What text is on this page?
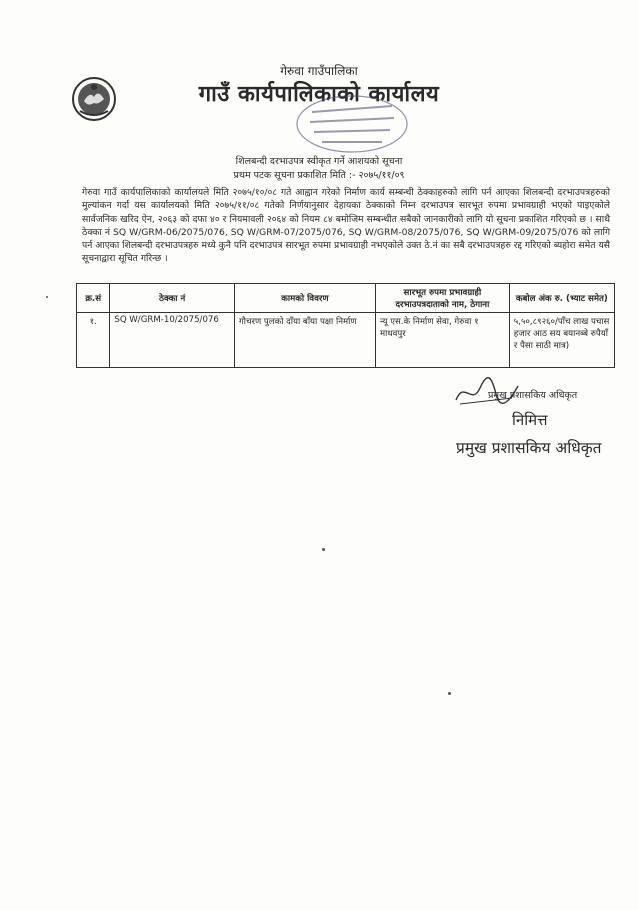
गेरुवा गाउँपालिका
गाउँ कार्यपालिकाको कार्यालय
शिलबन्दी दरभाउपत्र स्वीकृत गर्ने आशयको सूचना
प्रथम पटक सूचना प्रकाशित मिति :- २०७५/११/०९
गेरुवा गाउँ कार्यपालिकाको कार्यालयले मिति २०७५/१०/०८ गते आह्वान गरेको निर्माण कार्य सम्बन्धी ठेक्काहरुको लागि पर्न आएका शिलबन्दी दरभाउपत्रहरुको मुल्यांकन गर्दा यस कार्यालयको मिति २०७५/११/०८ गतेको निर्णयानुसार देहायका ठेक्काको निम्न दरभाउपत्र सारभूत रुपमा प्रभावग्राही भएको पाइएकोले सार्वजनिक खरिद ऐन, २०६३ को दफा ४० र नियमावली २०६४ को नियम ८४ बमोजिम सम्बन्धीत सबैको जानकारीको लागि यो सूचना प्रकाशित गरिएको छ । साथै ठेक्का नं SQ W/GRM-06/2075/076, SQ W/GRM-07/2075/076, SQ W/GRM-08/2075/076, SQ W/GRM-09/2075/076 को लागि पर्न आएका शिलबन्दी दरभाउपत्रहरु मध्ये कुनै पनि दरभाउपत्र सारभूत रुपमा प्रभावग्राही नभएकोले उक्त ठे.नं का सबै दरभाउपत्रहरु रद्द गरिएको ब्यहोरा समेत यसै सूचनाद्वारा सूचित गरिन्छ ।
क्र.सं	ठेक्का नं	कामको विवरण	सारभूत रुपमा प्रभावग्राही दरभाउपत्रदाताको नाम, ठेगाना	कबोल अंक रु. (भ्याट समेत)
१.	SQ W/GRM-10/2075/076	गौचरण पुलको दाँया बाँया पक्षा निर्माण	न्यू एस.के निर्माण सेवा, गेरुवा १ माधवपुर	५,५०,८९२६०/पाँच लाख पचास हजार आठ सय बयानब्बे रुपैयाँ र पैसा साठी मात्र)
प्रमुख प्रशासकिय अधिकृत
निमित्त
प्रमुख प्रशासकिय अधिकृत
